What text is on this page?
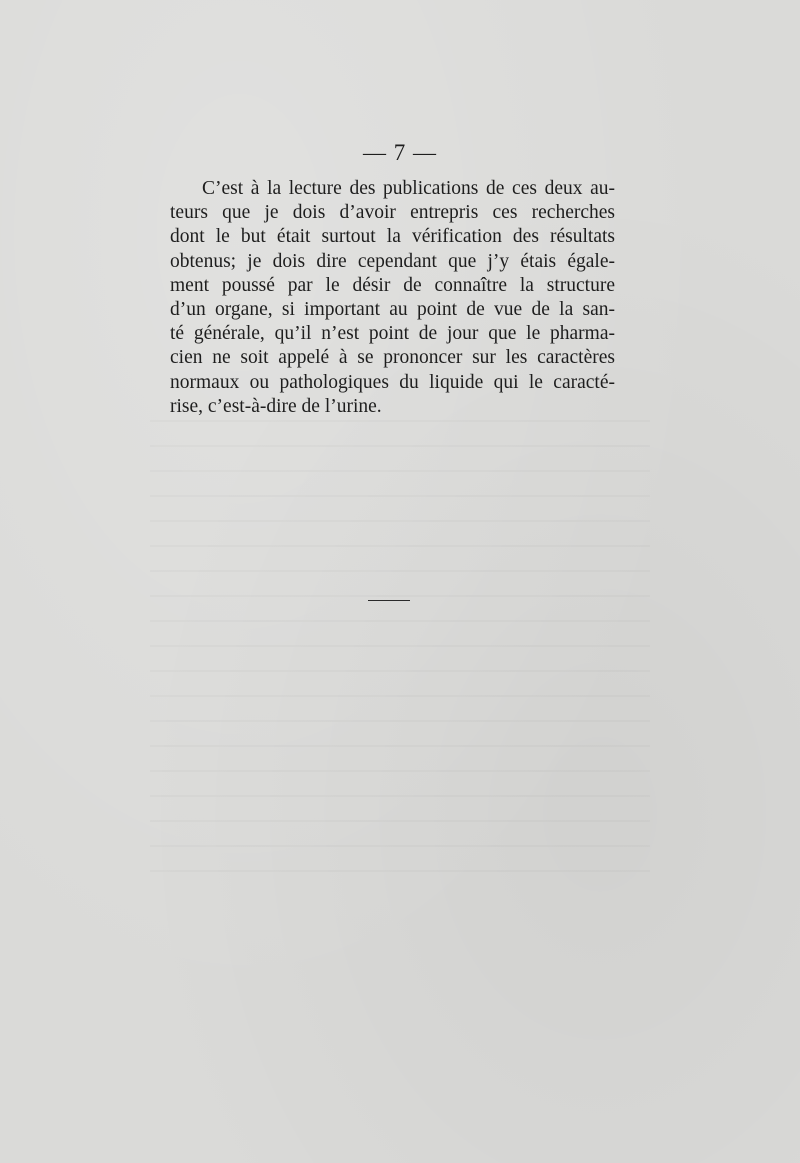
— 7 —
C’est à la lecture des publications de ces deux au-
teurs que je dois d’avoir entrepris ces recherches
dont le but était surtout la vérification des résultats
obtenus; je dois dire cependant que j’y étais égale-
ment poussé par le désir de connaître la structure
d’un organe, si important au point de vue de la san-
té générale, qu’il n’est point de jour que le pharma-
cien ne soit appelé à se prononcer sur les caractères
normaux ou pathologiques du liquide qui le caracté-
rise, c’est-à-dire de l’urine.
